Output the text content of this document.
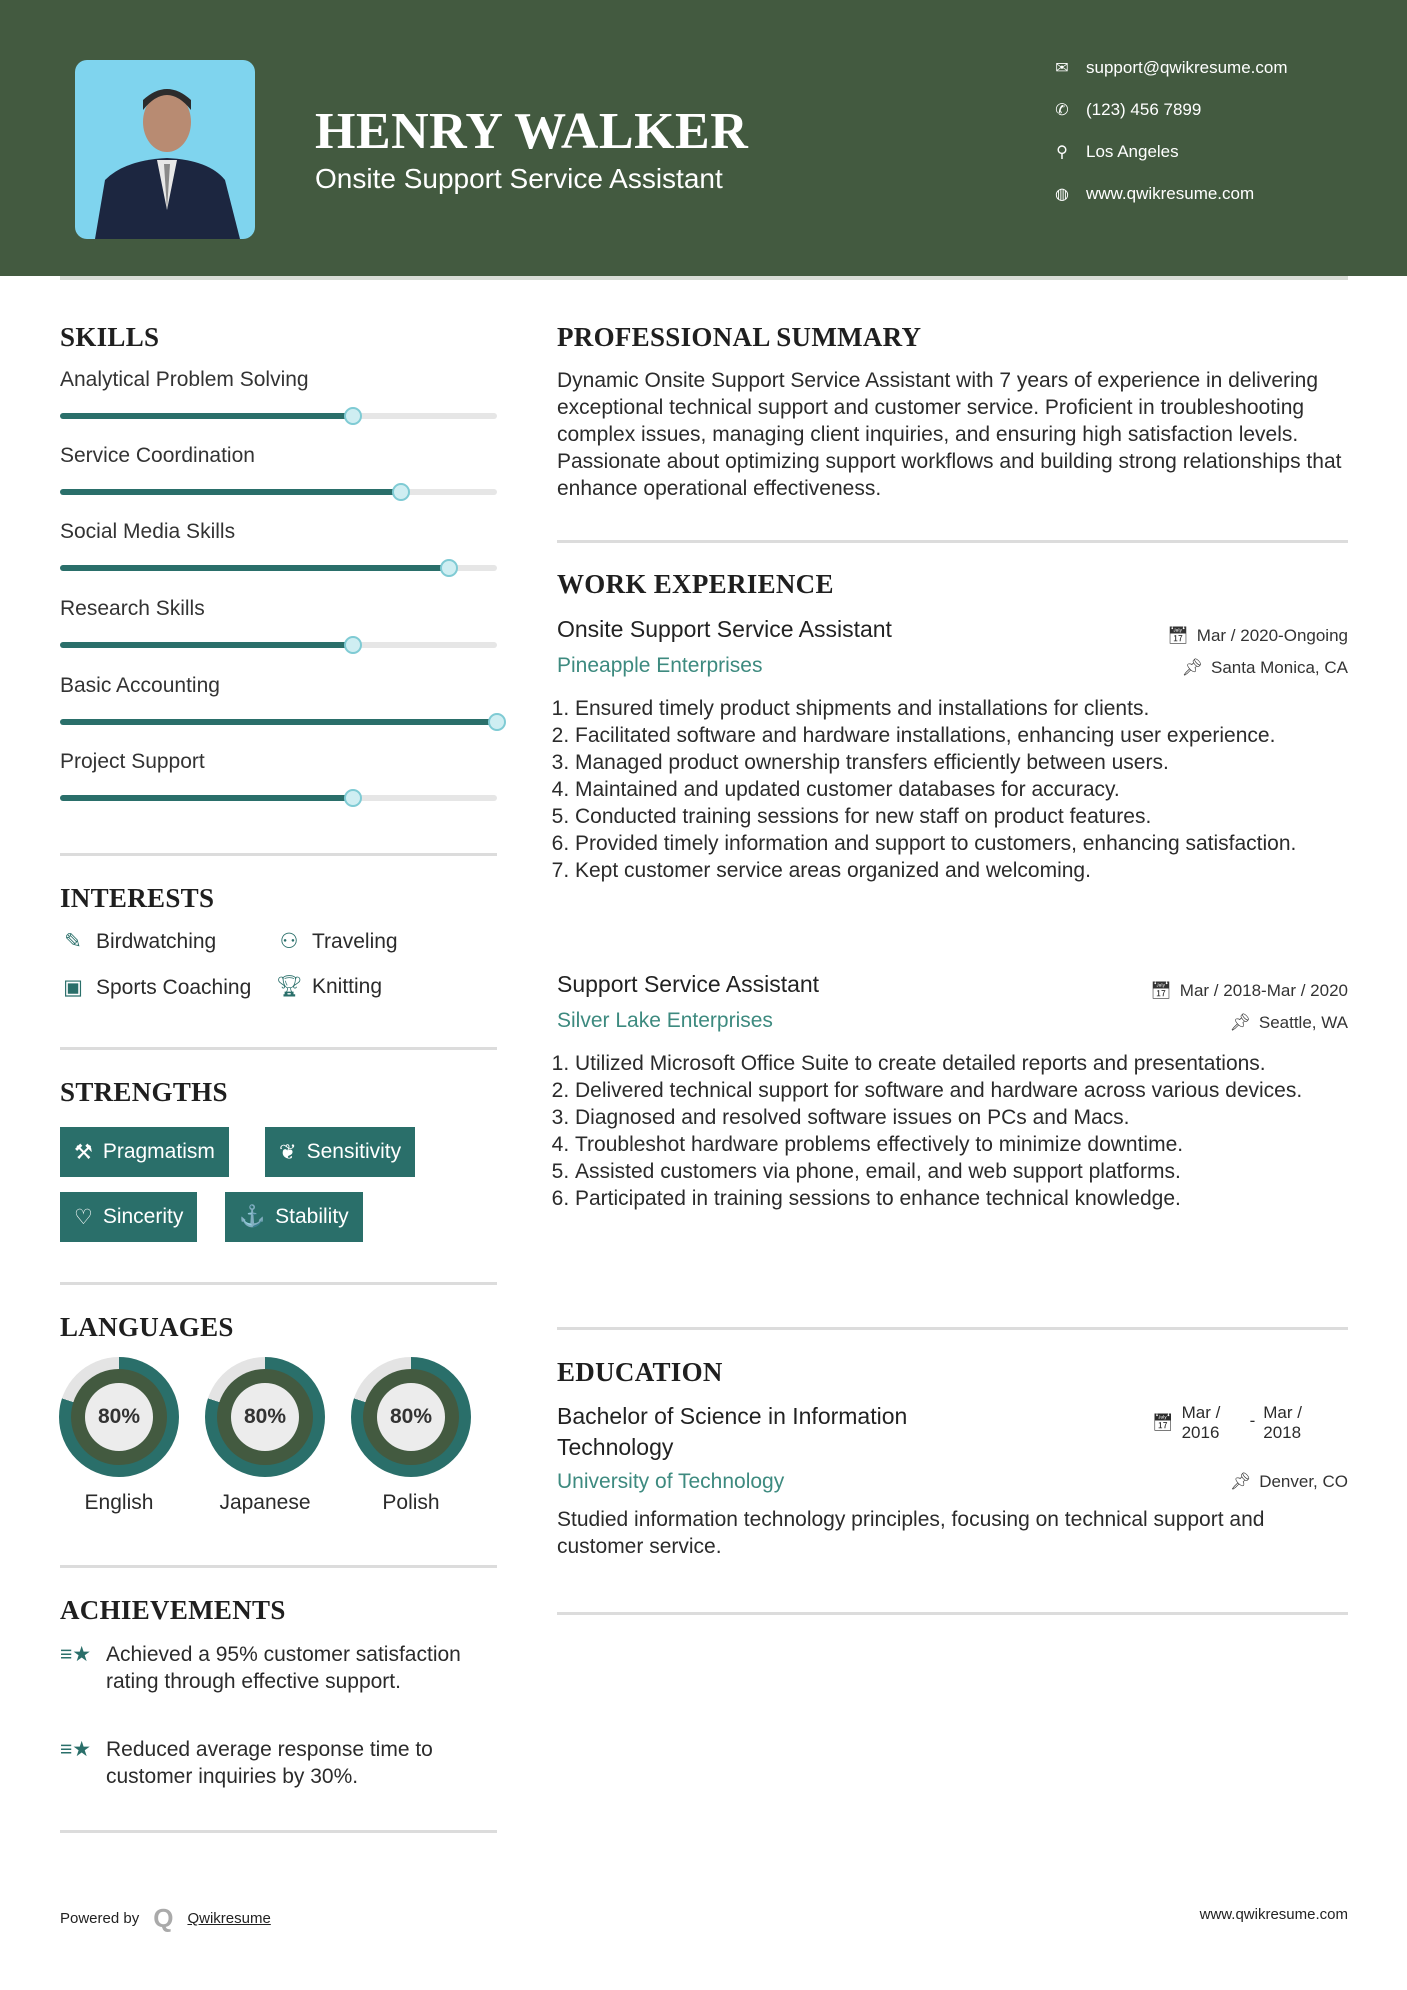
HENRY WALKER
Onsite Support Service Assistant
✉ support@qwikresume.com
✆ (123) 456 7899
⚲ Los Angeles
◍ www.qwikresume.com
SKILLS
Analytical Problem Solving
Service Coordination
Social Media Skills
Research Skills
Basic Accounting
Project Support
INTERESTS
✎ Birdwatching	⚇ Traveling
▣ Sports Coaching 🏆︎ Knitting
STRENGTHS
⚒ Pragmatism	❦ Sensitivity
♡ Sincerity	⚓ Stability
LANGUAGES
80%
English
80%
Japanese
80%
Polish
ACHIEVEMENTS
≡★ Achieved a 95% customer satisfaction rating through effective support.
≡★ Reduced average response time to customer inquiries by 30%.
PROFESSIONAL SUMMARY

Dynamic Onsite Support Service Assistant with 7 years of experience in delivering exceptional technical support and customer service. Proficient in troubleshooting complex issues, managing client inquiries, and ensuring high satisfaction levels. Passionate about optimizing support workflows and building strong relationships that enhance operational effectiveness.

WORK EXPERIENCE
Onsite Support Service Assistant	📅︎ Mar / 2020-Ongoing
Pineapple Enterprises	📌︎ Santa Monica, CA
1. Ensured timely product shipments and installations for clients.
2. Facilitated software and hardware installations, enhancing user experience.
3. Managed product ownership transfers efficiently between users.
4. Maintained and updated customer databases for accuracy.
5. Conducted training sessions for new staff on product features.
6. Provided timely information and support to customers, enhancing satisfaction.
7. Kept customer service areas organized and welcoming.
Support Service Assistant	📅︎ Mar / 2018-Mar / 2020
Silver Lake Enterprises	📌︎ Seattle, WA
1. Utilized Microsoft Office Suite to create detailed reports and presentations.
2. Delivered technical support for software and hardware across various devices.
3. Diagnosed and resolved software issues on PCs and Macs.
4. Troubleshot hardware problems effectively to minimize downtime.
5. Assisted customers via phone, email, and web support platforms.
6. Participated in training sessions to enhance technical knowledge.
EDUCATION
Bachelor of Science in Information Technology
📅︎
Mar / 2016
- Mar / 2018
University of Technology	📌︎ Denver, CO

Studied information technology principles, focusing on technical support and customer service.

Powered by Q Qwikresume	www.qwikresume.com
